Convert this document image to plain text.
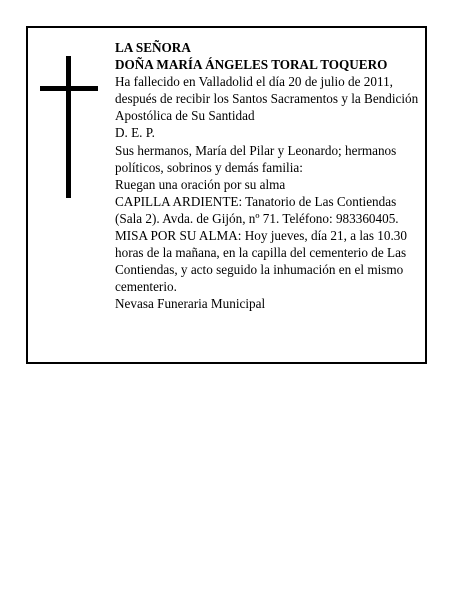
LA SEÑORA

DOÑA MARÍA ÁNGELES TORAL TOQUERO

Ha fallecido en Valladolid el día 20 de julio de 2011, después de recibir los Santos Sacramentos y la Bendición Apostólica de Su Santidad

D. E. P.

Sus hermanos, María del Pilar y Leonardo; hermanos políticos, sobrinos y demás familia:

Ruegan una oración por su alma

CAPILLA ARDIENTE: Tanatorio de Las Contiendas (Sala 2). Avda. de Gijón, nº 71. Teléfono: 983360405.

MISA POR SU ALMA: Hoy jueves, día 21, a las 10.30 horas de la mañana, en la capilla del cementerio de Las Contiendas, y acto seguido la inhumación en el mismo cementerio.

Nevasa Funeraria Municipal
